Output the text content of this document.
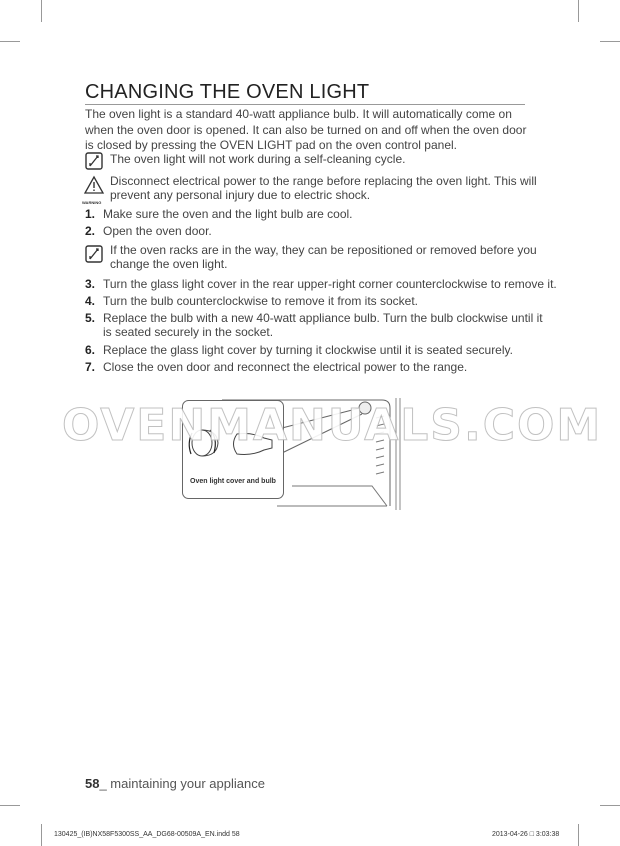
CHANGING THE OVEN LIGHT
The oven light is a standard 40-watt appliance bulb. It will automatically come on when the oven door is opened. It can also be turned on and off when the oven door is closed by pressing the OVEN LIGHT pad on the oven control panel.
The oven light will not work during a self-cleaning cycle.
WARNING
Disconnect electrical power to the range before replacing the oven light. This will
prevent any personal injury due to electric shock.
1. Make sure the oven and the light bulb are cool.
2. Open the oven door.
If the oven racks are in the way, they can be repositioned or removed before you
change the oven light.
3. Turn the glass light cover in the rear upper-right corner counterclockwise to remove it.
4. Turn the bulb counterclockwise to remove it from its socket.
5. Replace the bulb with a new 40-watt appliance bulb. Turn the bulb clockwise until it
is seated securely in the socket.
6. Replace the glass light cover by turning it clockwise until it is seated securely.
7. Close the oven door and reconnect the electrical power to the range.
Oven light cover and bulb
OVENMANUALS.COM
58_ maintaining your appliance
130425_(IB)NX58F5300SS_AA_DG68-00509A_EN.indd 58	2013-04-26 □ 3:03:38
